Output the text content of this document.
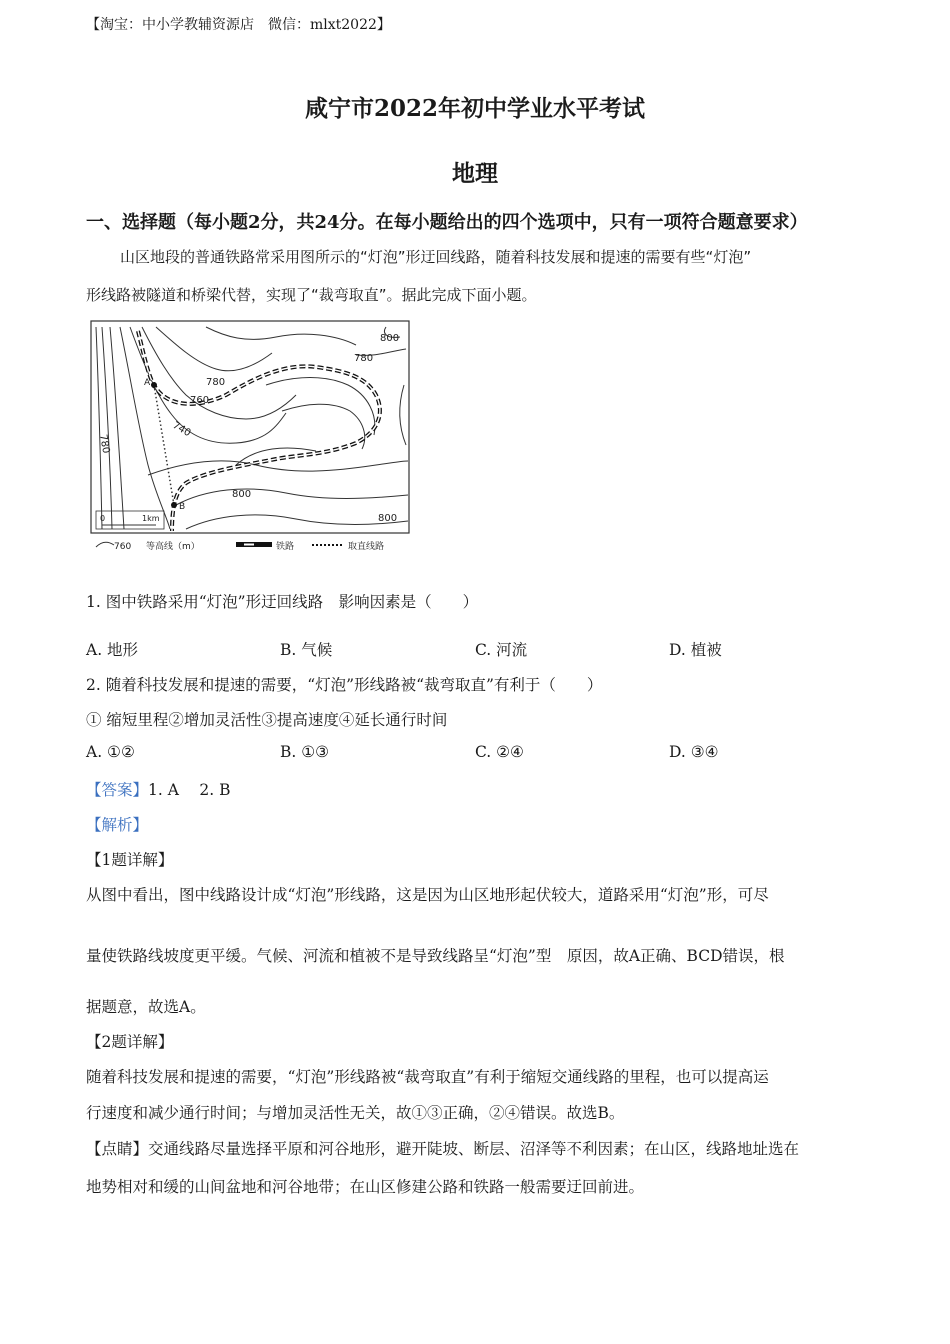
【淘宝：中小学教辅资源店　微信：mlxt2022】
咸宁市2022年初中学业水平考试
地理
一、选择题（每小题2分，共24分。在每小题给出的四个选项中，只有一项符合题意要求）
山区地段的普通铁路常采用图所示的“灯泡”形迂回线路，随着科技发展和提速的需要有些“灯泡”
形线路被隧道和桥梁代替，实现了“裁弯取直”。据此完成下面小题。
800
780
780
760
740
780
800
800
A
B
0	1km
760 等高线（m）	铁路	取直线路
1. 图中铁路采用“灯泡”形迂回线路　影响因素是（　　）
A. 地形	B. 气候	C. 河流	D. 植被
2. 随着科技发展和提速的需要，“灯泡”形线路被“裁弯取直”有利于（　　）
① 缩短里程②增加灵活性③提高速度④延长通行时间
A. ①②	B. ①③	C. ②④	D. ③④
【答案】1. A　 2. B
【解析】
【1题详解】
从图中看出，图中线路设计成“灯泡”形线路，这是因为山区地形起伏较大，道路采用“灯泡”形，可尽
量使铁路线坡度更平缓。气候、河流和植被不是导致线路呈“灯泡”型　原因，故A正确、BCD错误，根
据题意，故选A。
【2题详解】
随着科技发展和提速的需要，“灯泡”形线路被“裁弯取直”有利于缩短交通线路的里程，也可以提高运
行速度和减少通行时间；与增加灵活性无关，故①③正确，②④错误。故选B。
【点睛】交通线路尽量选择平原和河谷地形，避开陡坡、断层、沼泽等不利因素；在山区，线路地址选在
地势相对和缓的山间盆地和河谷地带；在山区修建公路和铁路一般需要迂回前进。
